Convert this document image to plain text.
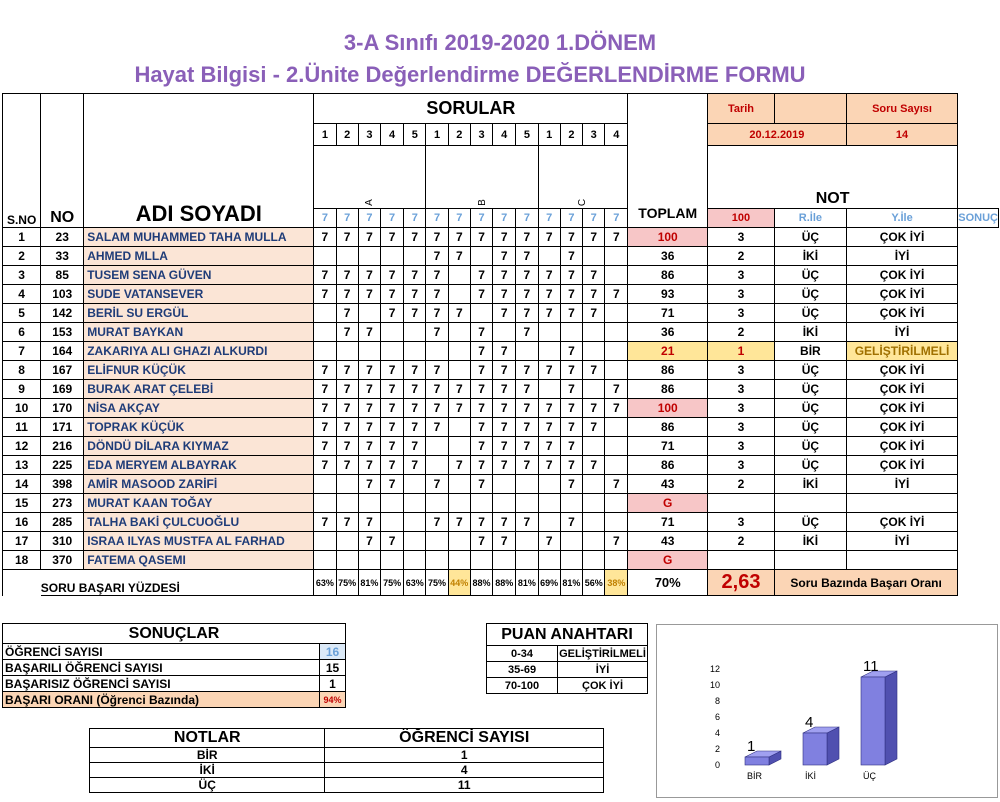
3-A Sınıfı 2019-2020 1.DÖNEM
Hayat Bilgisi - 2.Ünite Değerlendirme DEĞERLENDİRME FORMU
S.NO	NO	ADI SOYADI	SORULAR														TOPLAM	Tarih		Soru Sayısı	
			1	2	3	4	5	1	2	3	4	5	1	2	3	4		20.12.2019		14	
			A					B					C					NOT			
			7	7	7	7	7	7	7	7	7	7	7	7	7	7		100	R.İle	Y.İle	SONUÇ
1	23	SALAM MUHAMMED TAHA MULLA	7	7	7	7	7	7	7	7	7	7	7	7	7	7	100	3	ÜÇ	ÇOK İYİ	
2	33	AHMED MLLA						7	7		7	7		7			36	2	İKİ	İYİ	
3	85	TUSEM SENA GÜVEN	7	7	7	7	7	7		7	7	7	7	7	7		86	3	ÜÇ	ÇOK İYİ	
4	103	SUDE VATANSEVER	7	7	7	7	7	7		7	7	7	7	7	7	7	93	3	ÜÇ	ÇOK İYİ	
5	142	BERİL SU ERGÜL		7		7	7	7	7		7	7	7	7	7		71	3	ÜÇ	ÇOK İYİ	
6	153	MURAT BAYKAN		7	7			7		7		7					36	2	İKİ	İYİ	
7	164	ZAKARIYA ALI GHAZI ALKURDI								7	7			7			21	1	BİR	GELİŞTİRİLMELİ	
8	167	ELİFNUR KÜÇÜK	7	7	7	7	7	7		7	7	7	7	7	7		86	3	ÜÇ	ÇOK İYİ	
9	169	BURAK ARAT ÇELEBİ	7	7	7	7	7	7	7	7	7	7		7		7	86	3	ÜÇ	ÇOK İYİ	
10	170	NİSA AKÇAY	7	7	7	7	7	7	7	7	7	7	7	7	7	7	100	3	ÜÇ	ÇOK İYİ	
11	171	TOPRAK KÜÇÜK	7	7	7	7	7	7		7	7	7	7	7	7		86	3	ÜÇ	ÇOK İYİ	
12	216	DÖNDÜ DİLARA KIYMAZ	7	7	7	7	7			7	7	7	7	7			71	3	ÜÇ	ÇOK İYİ	
13	225	EDA MERYEM ALBAYRAK	7	7	7	7	7		7	7	7	7	7	7	7		86	3	ÜÇ	ÇOK İYİ	
14	398	AMİR MASOOD ZARİFİ			7	7		7		7				7		7	43	2	İKİ	İYİ	
15	273	MURAT KAAN TOĞAY															G				
16	285	TALHA BAKİ ÇULCUOĞLU	7	7	7			7	7	7	7	7		7			71	3	ÜÇ	ÇOK İYİ	
17	310	ISRAA ILYAS MUSTFA AL FARHAD			7	7				7	7		7			7	43	2	İKİ	İYİ	
18	370	FATEMA QASEMI															G				
	SORU BAŞARI YÜZDESİ		63%	75%	81%	75%	63%	75%	44%	88%	88%	81%	69%	81%	56%	38%	70%	2,63	Soru Bazında Başarı Oranı		
SONUÇLAR	
ÖĞRENCİ SAYISI	16
BAŞARILI ÖĞRENCİ SAYISI	15
BAŞARISIZ ÖĞRENCİ SAYISI	1
BAŞARI ORANI (Öğrenci Bazında)	94%
PUAN ANAHTARI	
0-34	GELİŞTİRİLMELİ
35-69	İYİ
70-100	ÇOK İYİ
NOTLAR	ÖĞRENCİ SAYISI
BİR	1
İKİ	4
ÜÇ	11
0
2
4
6
8
10
12
1
BİR
4
İKİ
11
ÜÇ
